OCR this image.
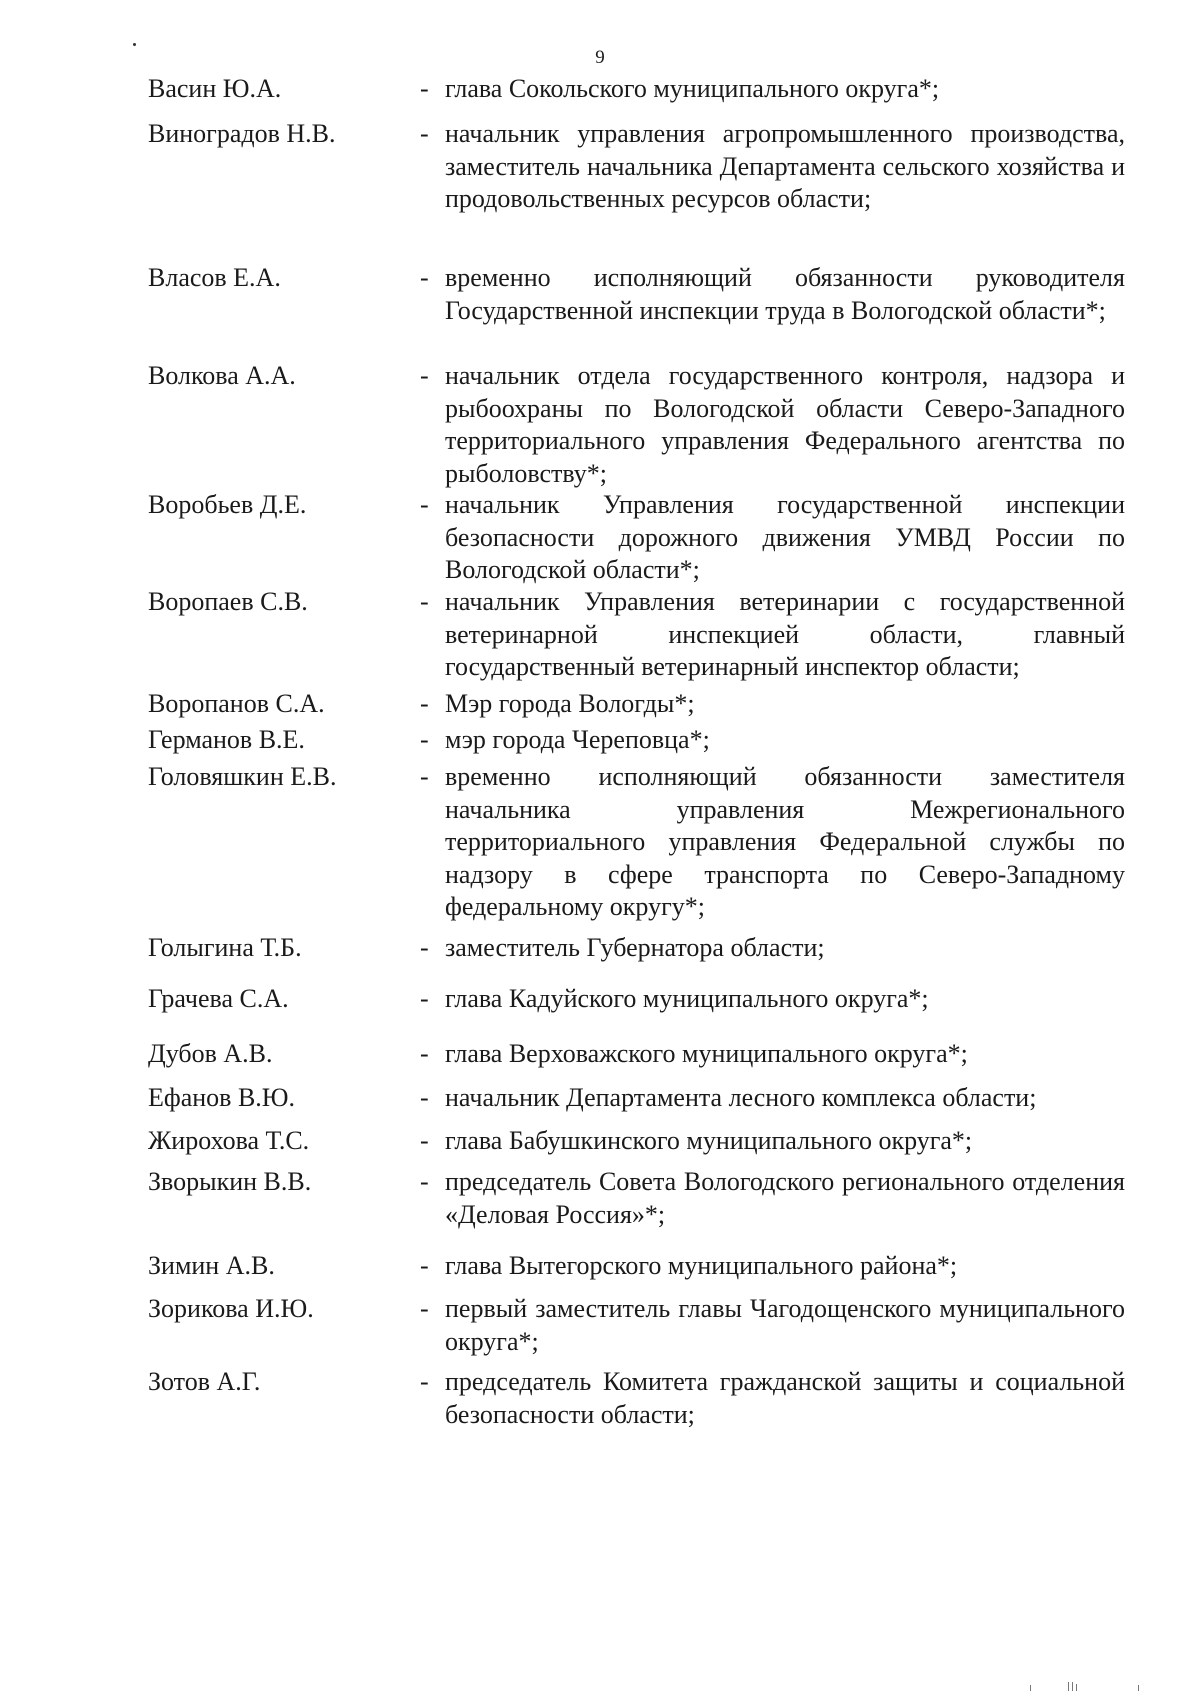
9
Васин Ю.А.	- глава Сокольского муниципального округа*;
Виноградов Н.В.	- начальник управления агропромышленного производства, заместитель начальника Департамента сельского хозяйства и продовольственных ресурсов области;
Власов Е.А.	- временно исполняющий обязанности руководителя Государственной инспекции труда в Вологодской области*;
Волкова А.А.	- начальник отдела государственного контроля, надзора и рыбоохраны по Вологодской области Северо-Западного территориального управления Федерального агентства по рыболовству*;
Воробьев Д.Е.	- начальник Управления государственной инспекции безопасности дорожного движения УМВД России по Вологодской области*;
Воропаев С.В.	- начальник Управления ветеринарии с государственной ветеринарной инспекцией области, главный государственный ветеринарный инспектор области;
Воропанов С.А.	- Мэр города Вологды*;
Германов В.Е.	- мэр города Череповца*;
Головяшкин Е.В.	- временно исполняющий обязанности заместителя начальника управления Межрегионального территориального управления Федеральной службы по надзору в сфере транспорта по Северо-Западному федеральному округу*;
Голыгина Т.Б.	- заместитель Губернатора области;
Грачева С.А.	- глава Кадуйского муниципального округа*;
Дубов А.В.	- глава Верховажского муниципального округа*;
Ефанов В.Ю.	- начальник Департамента лесного комплекса области;
Жирохова Т.С.	- глава Бабушкинского муниципального округа*;
Зворыкин В.В.	- председатель Совета Вологодского регионального отделения «Деловая Россия»*;
Зимин А.В.	- глава Вытегорского муниципального района*;
Зорикова И.Ю.	- первый заместитель главы Чагодощенского муниципального округа*;
Зотов А.Г.	- председатель Комитета гражданской защиты и социальной безопасности области;
